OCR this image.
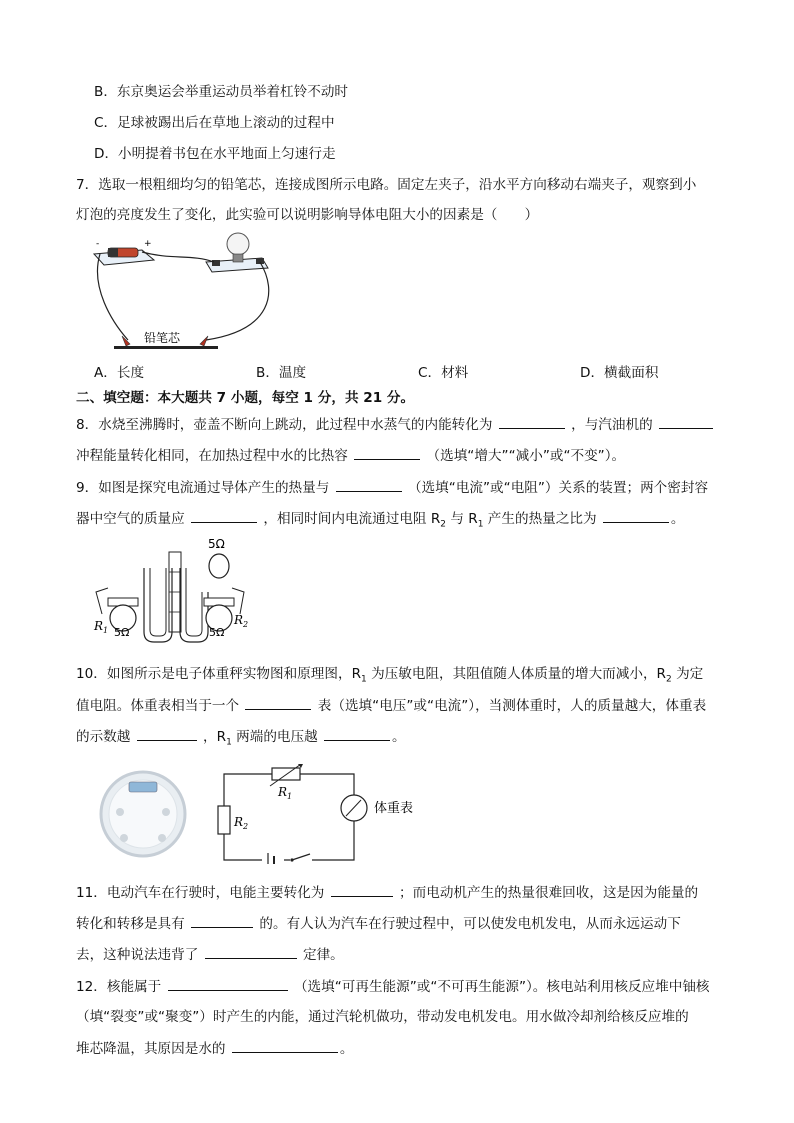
B．东京奥运会举重运动员举着杠铃不动时
C．足球被踢出后在草地上滚动的过程中
D．小明提着书包在水平地面上匀速行走
7．选取一根粗细均匀的铅笔芯，连接成图所示电路。固定左夹子，沿水平方向移动右端夹子，观察到小
灯泡的亮度发生了变化，此实验可以说明影响导体电阻大小的因素是（　　）
-	+
铅笔芯
A．长度	B．温度	C．材料	D．横截面积
二、填空题：本大题共 7 小题，每空 1 分，共 21 分。
8．水烧至沸腾时，壶盖不断向上跳动，此过程中水蒸气的内能转化为	，与汽油机的
冲程能量转化相同，在加热过程中水的比热容	（选填“增大”“减小”或“不变”）。
9．如图是探究电流通过导体产生的热量与	（选填“电流”或“电阻”）关系的装置；两个密封容
器中空气的质量应	，相同时间内电流通过电阻 $R_2$ 与 $R_1$ 产生的热量之比为	。
5Ω
5Ω	5Ω
$R_1$
$R_2$
10．如图所示是电子体重秤实物图和原理图，$R_1$ 为压敏电阻，其阻值随人体质量的增大而减小，$R_2$ 为定
值电阻。体重表相当于一个	表（选填“电压”或“电流”），当测体重时，人的质量越大，体重表
的示数越	，$R_1$ 两端的电压越	。
$R_1$
$R_2$
体重表
11．电动汽车在行驶时，电能主要转化为	；而电动机产生的热量很难回收，这是因为能量的
转化和转移是具有	的。有人认为汽车在行驶过程中，可以使发电机发电，从而永远运动下
去，这种说法违背了	定律。
12．核能属于	（选填“可再生能源”或“不可再生能源”）。核电站利用核反应堆中铀核
（填“裂变”或“聚变”）时产生的内能，通过汽轮机做功，带动发电机发电。用水做冷却剂给核反应堆的
堆芯降温，其原因是水的	。
